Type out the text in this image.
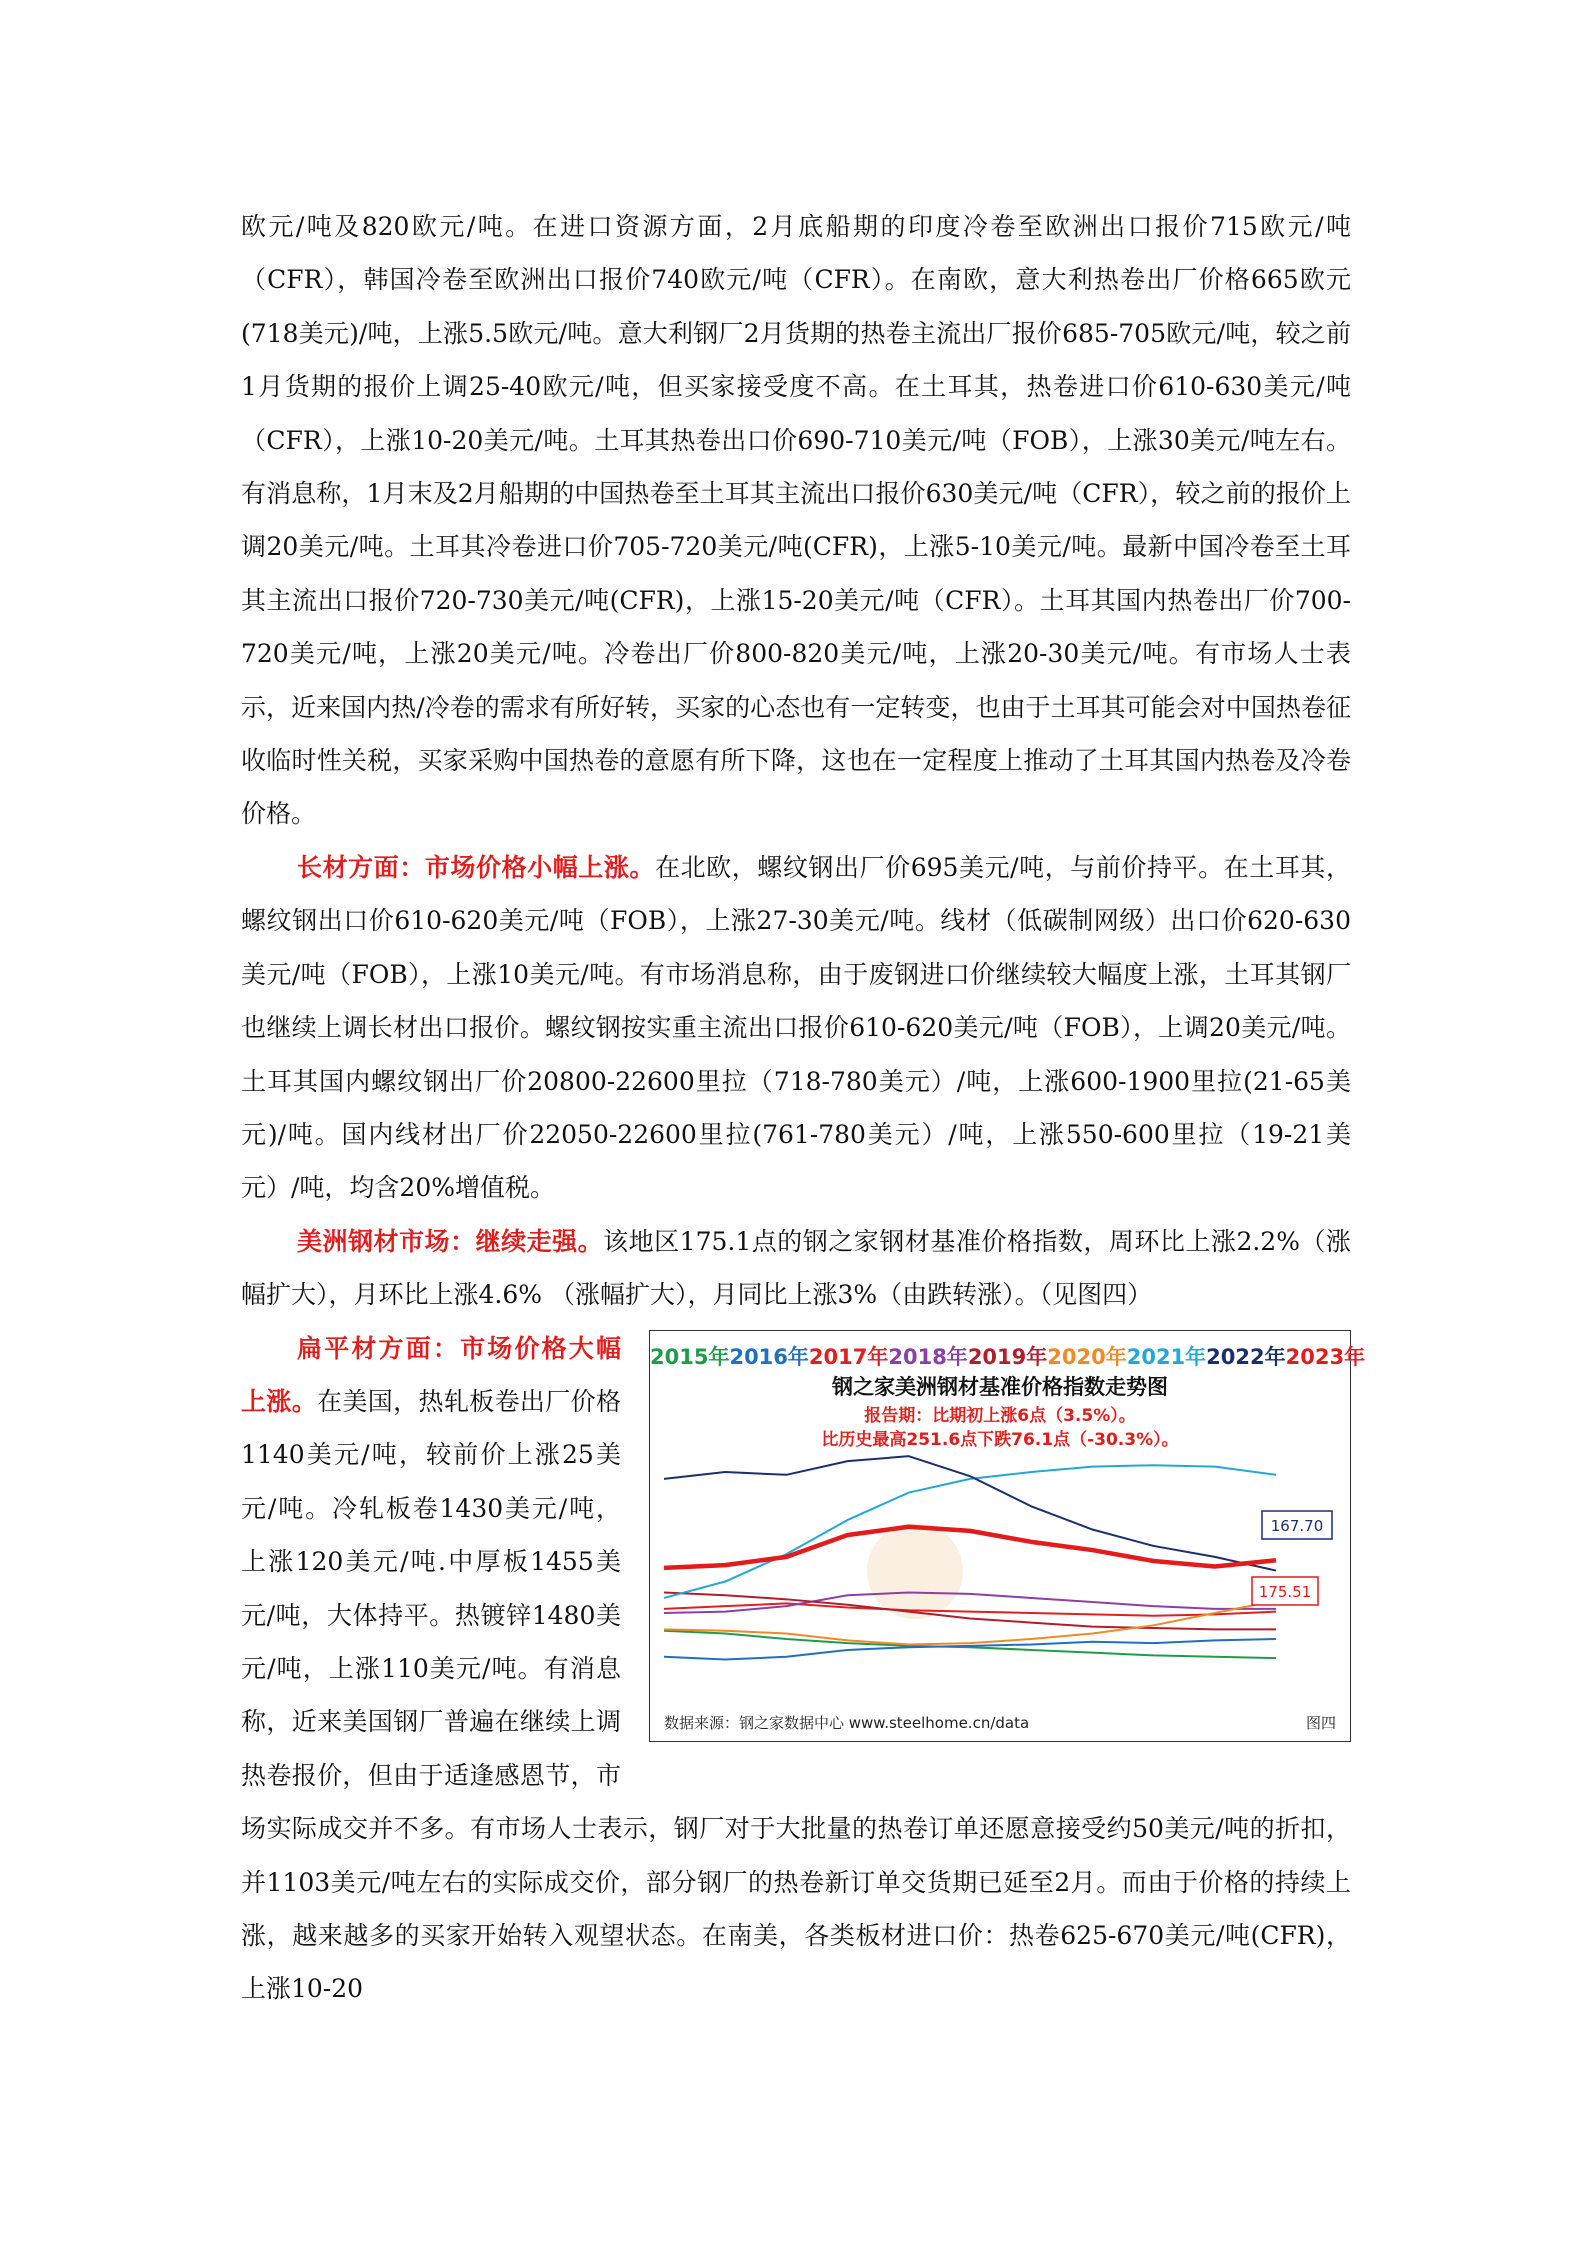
欧元/吨及820欧元/吨。在进口资源方面，2月底船期的印度冷卷至欧洲出口报价715欧元/吨（CFR），韩国冷卷至欧洲出口报价740欧元/吨（CFR）。在南欧，意大利热卷出厂价格665欧元(718美元)/吨，上涨5.5欧元/吨。意大利钢厂2月货期的热卷主流出厂报价685-705欧元/吨，较之前1月货期的报价上调25-40欧元/吨，但买家接受度不高。在土耳其，热卷进口价610-630美元/吨（CFR），上涨10-20美元/吨。土耳其热卷出口价690-710美元/吨（FOB），上涨30美元/吨左右。有消息称，1月末及2月船期的中国热卷至土耳其主流出口报价630美元/吨（CFR），较之前的报价上调20美元/吨。土耳其冷卷进口价705-720美元/吨(CFR)，上涨5-10美元/吨。最新中国冷卷至土耳其主流出口报价720-730美元/吨(CFR)，上涨15-20美元/吨（CFR）。土耳其国内热卷出厂价700-720美元/吨，上涨20美元/吨。冷卷出厂价800-820美元/吨，上涨20-30美元/吨。有市场人士表示，近来国内热/冷卷的需求有所好转，买家的心态也有一定转变，也由于土耳其可能会对中国热卷征收临时性关税，买家采购中国热卷的意愿有所下降，这也在一定程度上推动了土耳其国内热卷及冷卷价格。

长材方面：市场价格小幅上涨。在北欧，螺纹钢出厂价695美元/吨，与前价持平。在土耳其，螺纹钢出口价610-620美元/吨（FOB），上涨27-30美元/吨。线材（低碳制网级）出口价620-630美元/吨（FOB），上涨10美元/吨。有市场消息称，由于废钢进口价继续较大幅度上涨，土耳其钢厂也继续上调长材出口报价。螺纹钢按实重主流出口报价610-620美元/吨（FOB），上调20美元/吨。土耳其国内螺纹钢出厂价20800-22600里拉（718-780美元）/吨，上涨600-1900里拉(21-65美元)/吨。国内线材出厂价22050-22600里拉(761-780美元）/吨，上涨550-600里拉（19-21美元）/吨，均含20%增值税。

美洲钢材市场：继续走强。该地区175.1点的钢之家钢材基准价格指数，周环比上涨2.2%（涨幅扩大），月环比上涨4.6% （涨幅扩大），月同比上涨3%（由跌转涨）。（见图四）

2015年2016年2017年2018年2019年2020年2021年2022年2023年
钢之家美洲钢材基准价格指数走势图
报告期：比期初上涨6点（3.5%）。
比历史最高251.6点下跌76.1点（-30.3%）。
167.70
175.51
数据来源：钢之家数据中心 www.steelhome.cn/data	图四

扁平材方面：市场价格大幅上涨。在美国，热轧板卷出厂价格1140美元/吨，较前价上涨25美元/吨。冷轧板卷1430美元/吨，上涨120美元/吨.中厚板1455美元/吨，大体持平。热镀锌1480美元/吨，上涨110美元/吨。有消息称，近来美国钢厂普遍在继续上调热卷报价，但由于适逢感恩节，市场实际成交并不多。有市场人士表示，钢厂对于大批量的热卷订单还愿意接受约50美元/吨的折扣，并1103美元/吨左右的实际成交价，部分钢厂的热卷新订单交货期已延至2月。而由于价格的持续上涨，越来越多的买家开始转入观望状态。在南美，各类板材进口价：热卷625-670美元/吨(CFR)，上涨10-20
